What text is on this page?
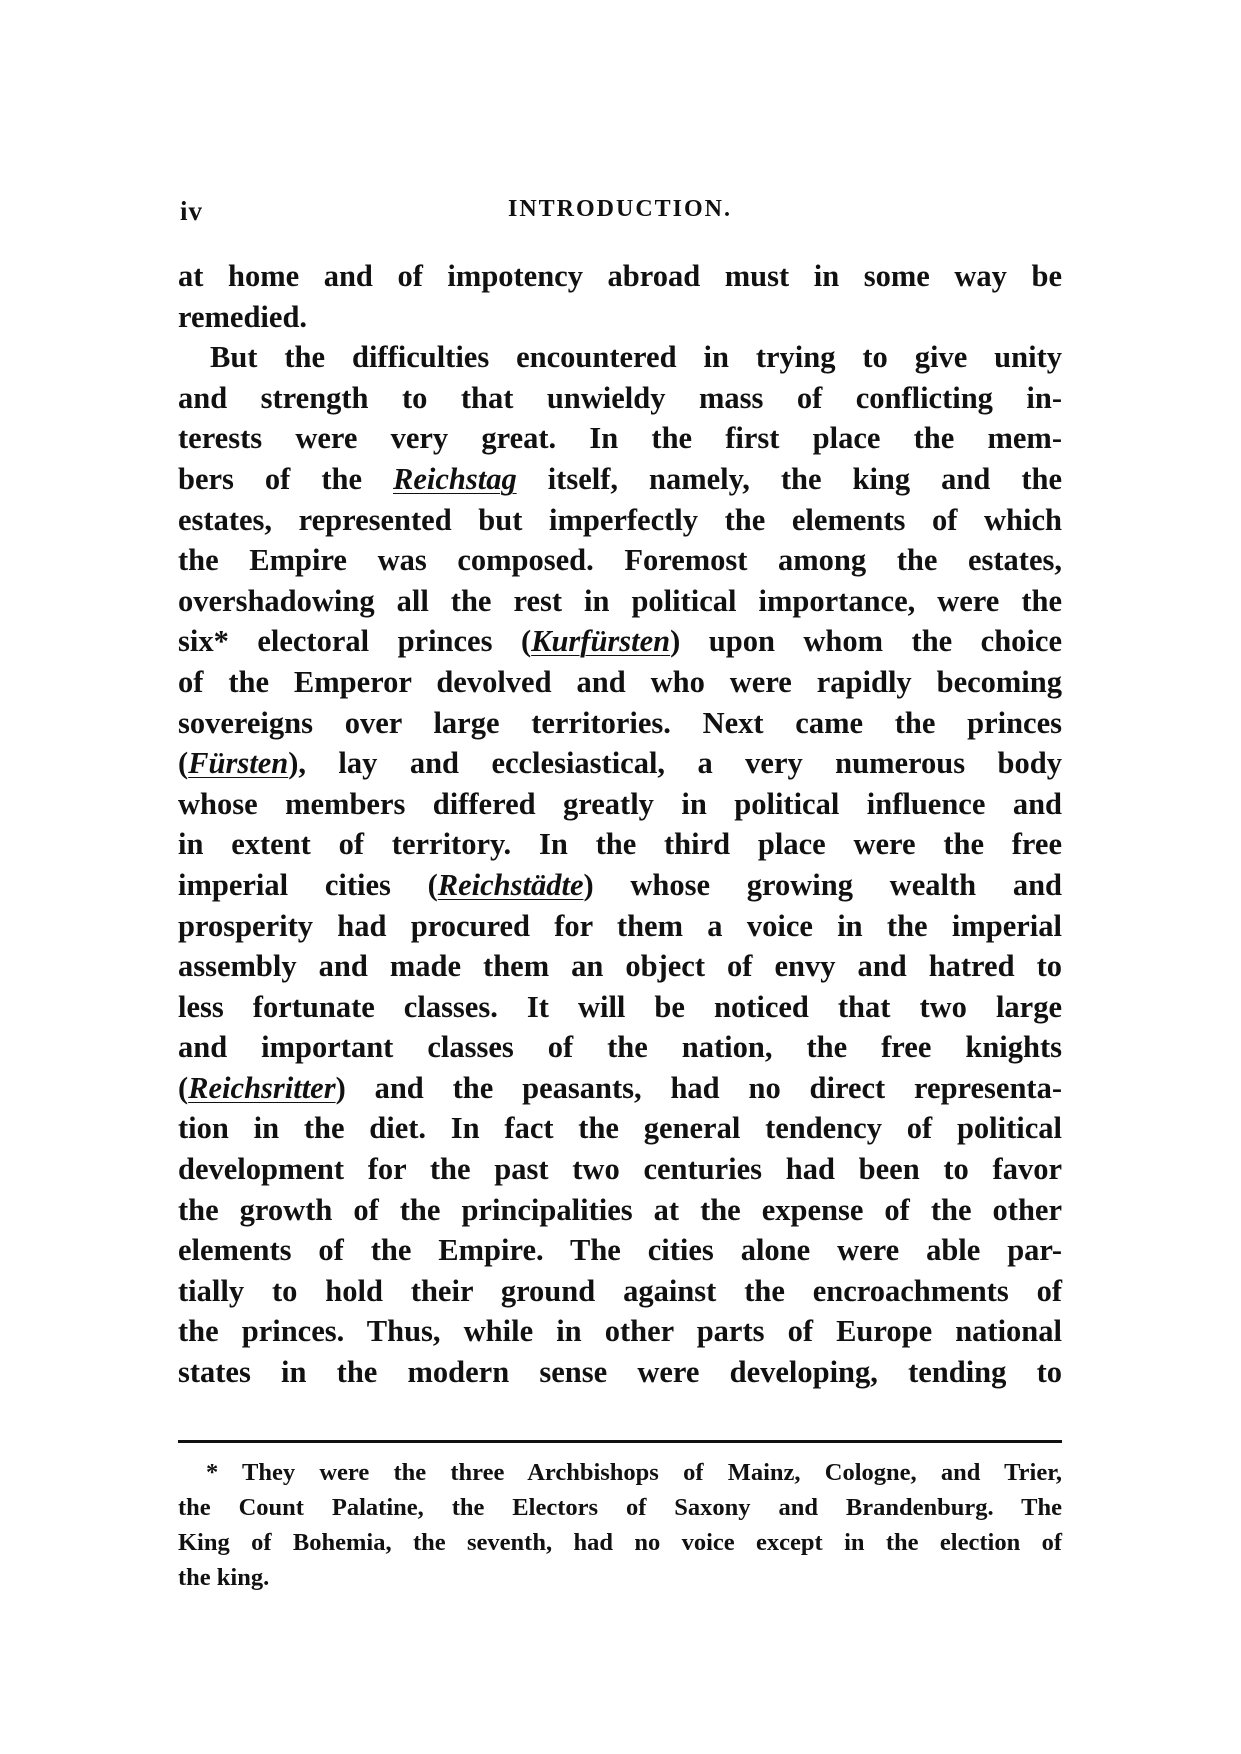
iv	INTRODUCTION.
at home and of impotency abroad must in some way be
remedied.
But the difficulties encountered in trying to give unity
and strength to that unwieldy mass of conflicting in-
terests were very great. In the first place the mem-
bers of the Reichstag itself, namely, the king and the
estates, represented but imperfectly the elements of which
the Empire was composed. Foremost among the estates,
overshadowing all the rest in political importance, were the
six* electoral princes (Kurfürsten) upon whom the choice
of the Emperor devolved and who were rapidly becoming
sovereigns over large territories. Next came the princes
(Fürsten), lay and ecclesiastical, a very numerous body
whose members differed greatly in political influence and
in extent of territory. In the third place were the free
imperial cities (Reichstädte) whose growing wealth and
prosperity had procured for them a voice in the imperial
assembly and made them an object of envy and hatred to
less fortunate classes. It will be noticed that two large
and important classes of the nation, the free knights
(Reichsritter) and the peasants, had no direct representa-
tion in the diet. In fact the general tendency of political
development for the past two centuries had been to favor
the growth of the principalities at the expense of the other
elements of the Empire. The cities alone were able par-
tially to hold their ground against the encroachments of
the princes. Thus, while in other parts of Europe national
states in the modern sense were developing, tending to
* They were the three Archbishops of Mainz, Cologne, and Trier,
the Count Palatine, the Electors of Saxony and Brandenburg. The
King of Bohemia, the seventh, had no voice except in the election of
the king.
